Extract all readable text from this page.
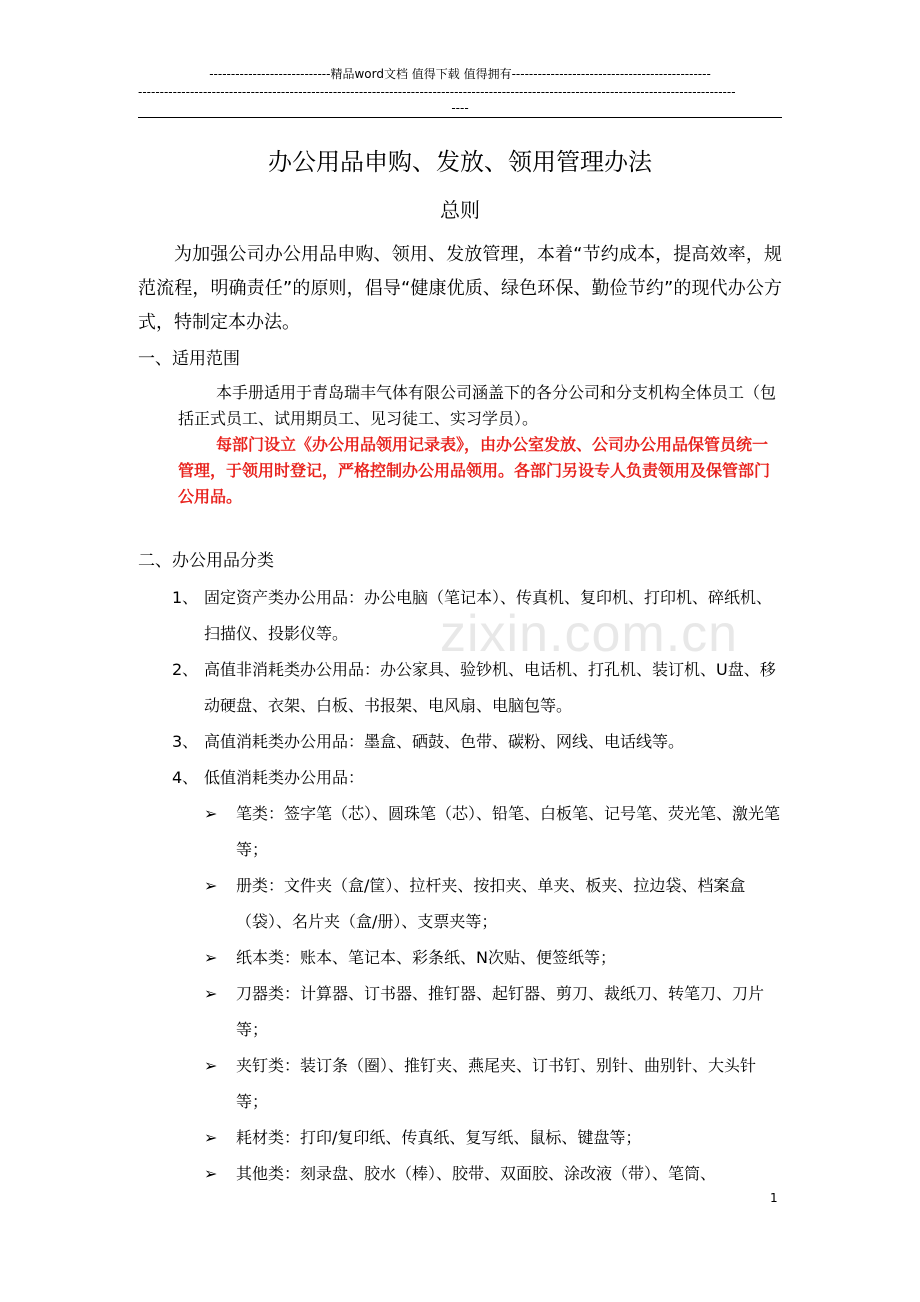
----------------------------精品word文档 值得下载 值得拥有----------------------------------------------
------------------------------------------------------------------------------------------------------------------------------------------
----
办公用品申购、发放、领用管理办法
总则
为加强公司办公用品申购、领用、发放管理，本着“节约成本，提高效率，规范流程，明确责任”的原则，倡导“健康优质、绿色环保、勤俭节约”的现代办公方式，特制定本办法。
一、适用范围
本手册适用于青岛瑞丰气体有限公司涵盖下的各分公司和分支机构全体员工（包括正式员工、试用期员工、见习徒工、实习学员）。
每部门设立《办公用品领用记录表》，由办公室发放、公司办公用品保管员统一管理，于领用时登记，严格控制办公用品领用。各部门另设专人负责领用及保管部门公用品。
二、办公用品分类
1、 固定资产类办公用品：办公电脑（笔记本）、传真机、复印机、打印机、碎纸机、扫描仪、投影仪等。
2、 高值非消耗类办公用品：办公家具、验钞机、电话机、打孔机、装订机、U盘、移动硬盘、衣架、白板、书报架、电风扇、电脑包等。
3、 高值消耗类办公用品：墨盒、硒鼓、色带、碳粉、网线、电话线等。
4、 低值消耗类办公用品：
➢ 笔类：签字笔（芯）、圆珠笔（芯）、铅笔、白板笔、记号笔、荧光笔、激光笔等；
➢ 册类：文件夹（盒/筐）、拉杆夹、按扣夹、单夹、板夹、拉边袋、档案盒（袋）、名片夹（盒/册）、支票夹等；
➢ 纸本类：账本、笔记本、彩条纸、N次贴、便签纸等；
➢ 刀器类：计算器、订书器、推钉器、起钉器、剪刀、裁纸刀、转笔刀、刀片等；
➢ 夹钉类：装订条（圈）、推钉夹、燕尾夹、订书钉、别针、曲别针、大头针等；
➢ 耗材类：打印/复印纸、传真纸、复写纸、鼠标、键盘等；
➢ 其他类：刻录盘、胶水（棒）、胶带、双面胶、涂改液（带）、笔筒、
zixin.com.cn
1
